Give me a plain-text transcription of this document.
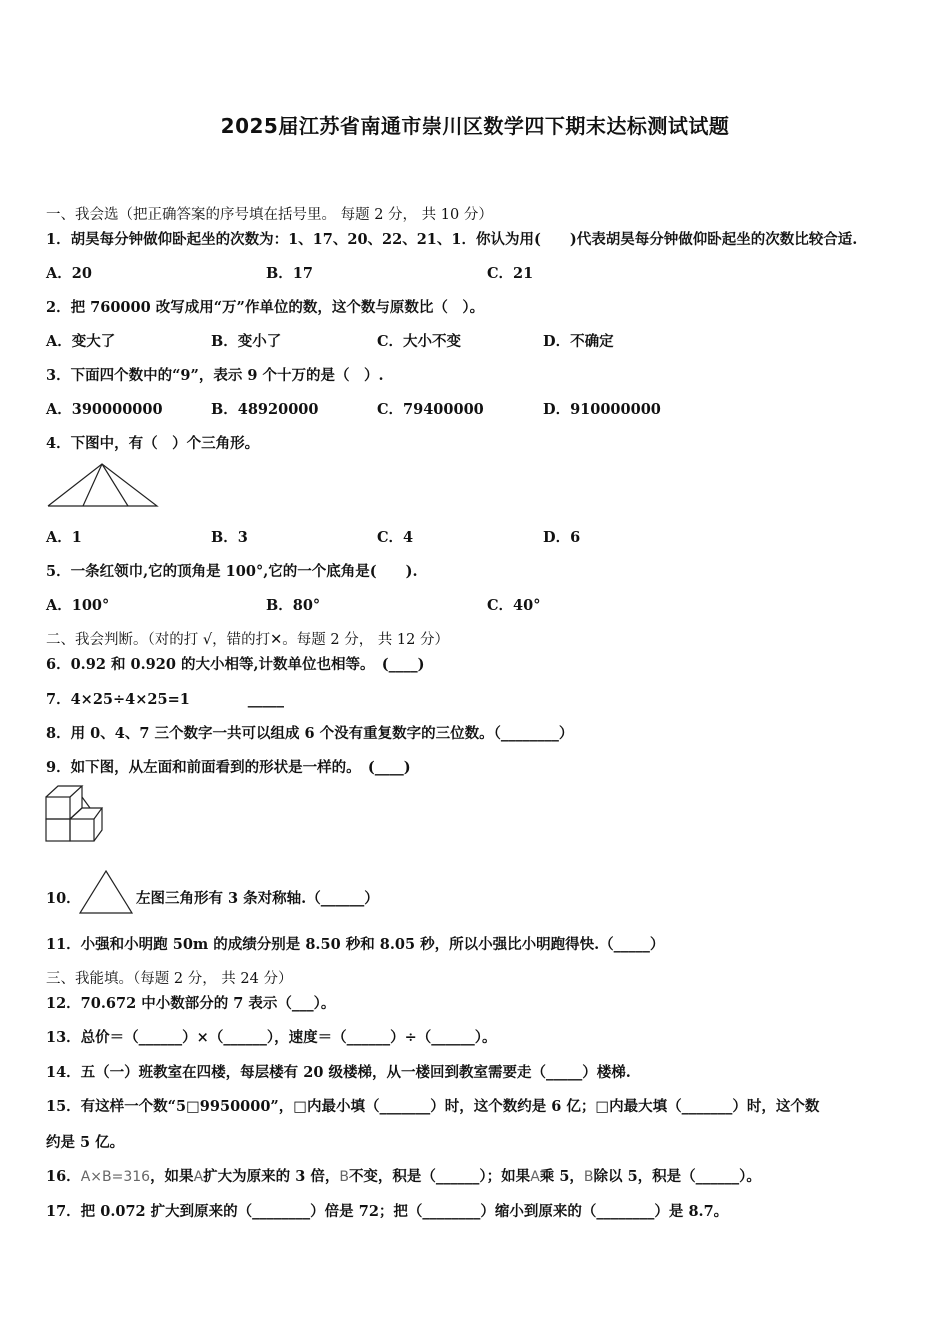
2025届江苏省南通市崇川区数学四下期末达标测试试题
一、我会选（把正确答案的序号填在括号里。 每题 2 分， 共 10 分）
1．胡昊每分钟做仰卧起坐的次数为：1、17、20、22、21、1．你认为用(　　)代表胡昊每分钟做仰卧起坐的次数比较合适.
A．20	B．17	C．21
2．把 760000 改写成用“万”作单位的数，这个数与原数比（　）。
A．变大了	B．变小了	C．大小不变	D．不确定
3．下面四个数中的“9”，表示 9 个十万的是（　）.
A．390000000	B．48920000	C．79400000	D．910000000
4．下图中，有（　）个三角形。
A．1	B．3	C．4	D．6
5．一条红领巾,它的顶角是 100°,它的一个底角是(　　).
A．100°	B．80°	C．40°
二、我会判断。（对的打 √，错的打✕。每题 2 分， 共 12 分）
6．0.92 和 0.920 的大小相等,计数单位也相等。　(____)
7．4×25÷4×25=1　　　　_____
8．用 0、4、7 三个数字一共可以组成 6 个没有重复数字的三位数。（________）
9．如下图，从左面和前面看到的形状是一样的。　(____)
10．	左图三角形有 3 条对称轴.（______）
11．小强和小明跑 50m 的成绩分别是 8.50 秒和 8.05 秒，所以小强比小明跑得快.（_____）
三、我能填。（每题 2 分， 共 24 分）
12．70.672 中小数部分的 7 表示（___）。
13．总价＝（______）×（______），速度＝（______）÷（______）。
14．五（一）班教室在四楼，每层楼有 20 级楼梯，从一楼回到教室需要走（_____）楼梯.
15．有这样一个数“5□9950000”，□内最小填（_______）时，这个数约是 6 亿；□内最大填（_______）时，这个数
约是 5 亿。
16．A×B=316，如果A扩大为原来的 3 倍，B不变，积是（______）；如果A乘 5，B除以 5，积是（______）。
17．把 0.072 扩大到原来的（________）倍是 72；把（________）缩小到原来的（________）是 8.7。
